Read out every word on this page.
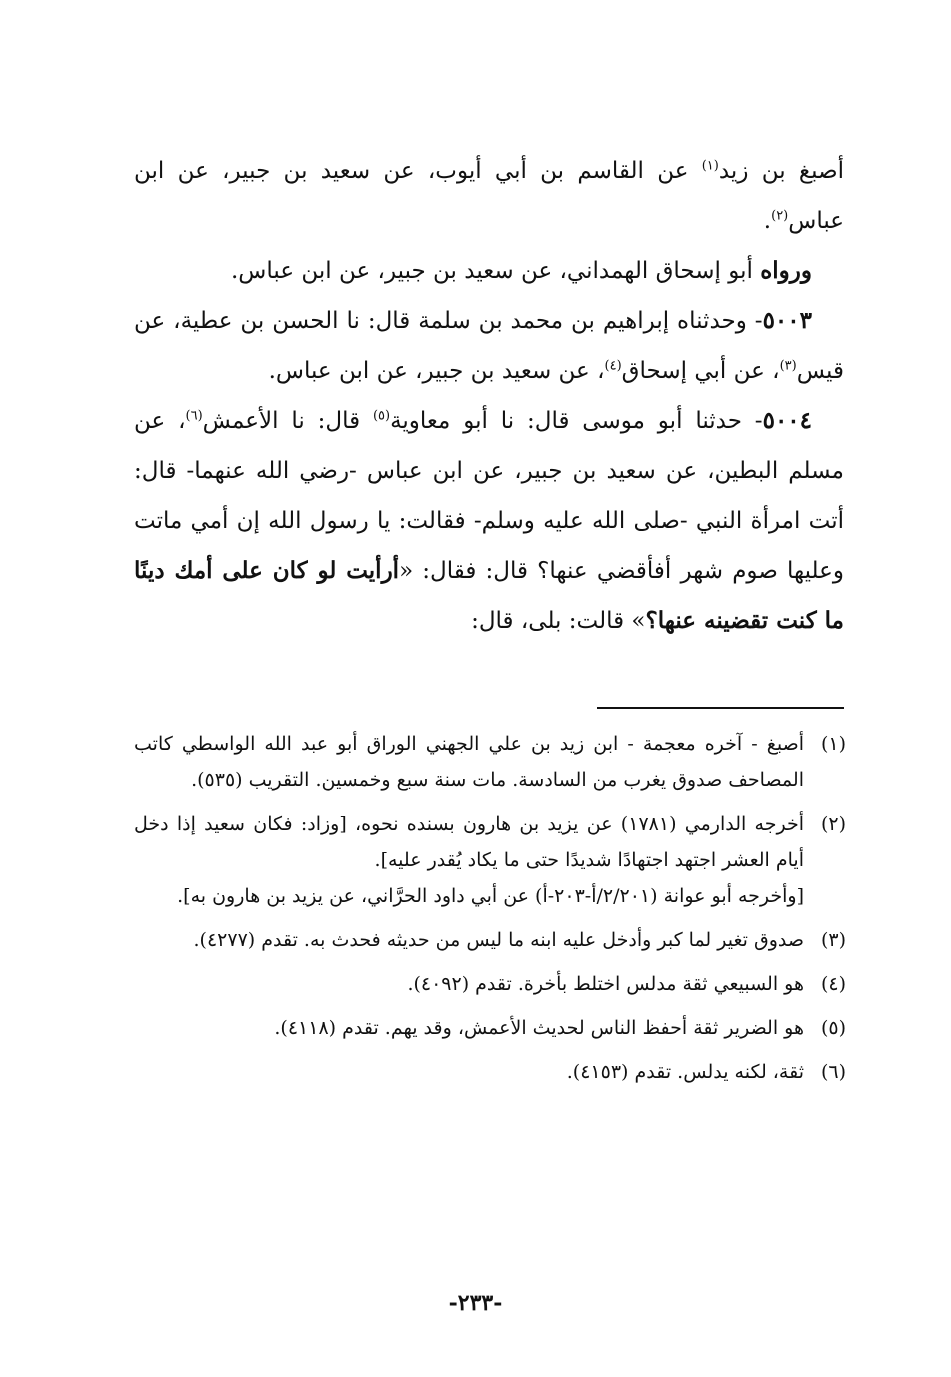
أصبغ بن زيد$^{(١)}$ عن القاسم بن أبي أيوب، عن سعيد بن جبير، عن ابن عباس$^{(٢)}$.

ورواه أبو إسحاق الهمداني، عن سعيد بن جبير، عن ابن عباس.

٥٠٠٣- وحدثناه إبراهيم بن محمد بن سلمة قال: نا الحسن بن عطية، عن قيس$^{(٣)}$، عن أبي إسحاق$^{(٤)}$، عن سعيد بن جبير، عن ابن عباس.

٥٠٠٤- حدثنا أبو موسى قال: نا أبو معاوية$^{(٥)}$ قال: نا الأعمش$^{(٦)}$، عن مسلم البطين، عن سعيد بن جبير، عن ابن عباس -رضي الله عنهما- قال: أتت امرأة النبي -صلى الله عليه وسلم- فقالت: يا رسول الله إن أمي ماتت وعليها صوم شهر أفأقضي عنها؟ قال: فقال: «أرأيت لو كان على أمك دينًا ما كنت تقضينه عنها؟» قالت: بلى، قال:

(١)

أصبغ - آخره معجمة - ابن زيد بن علي الجهني الوراق أبو عبد الله الواسطي كاتب المصاحف صدوق يغرب من السادسة. مات سنة سبع وخمسين. التقريب (٥٣٥).

(٢)

أخرجه الدارمي (١٧٨١) عن يزيد بن هارون بسنده نحوه، [وزاد: فكان سعيد إذا دخل أيام العشر اجتهد اجتهادًا شديدًا حتى ما يكاد يُقدر عليه].

[وأخرجه أبو عوانة (٢/٢٠١/أ-٢٠٣-أ) عن أبي داود الحرَّاني، عن يزيد بن هارون به].

(٣)

صدوق تغير لما كبر وأدخل عليه ابنه ما ليس من حديثه فحدث به. تقدم (٤٢٧٧).

(٤)

هو السبيعي ثقة مدلس اختلط بأخرة. تقدم (٤٠٩٢).

(٥)

هو الضرير ثقة أحفظ الناس لحديث الأعمش، وقد يهم. تقدم (٤١١٨).

(٦)

ثقة، لكنه يدلس. تقدم (٤١٥٣).

-٢٣٣-
